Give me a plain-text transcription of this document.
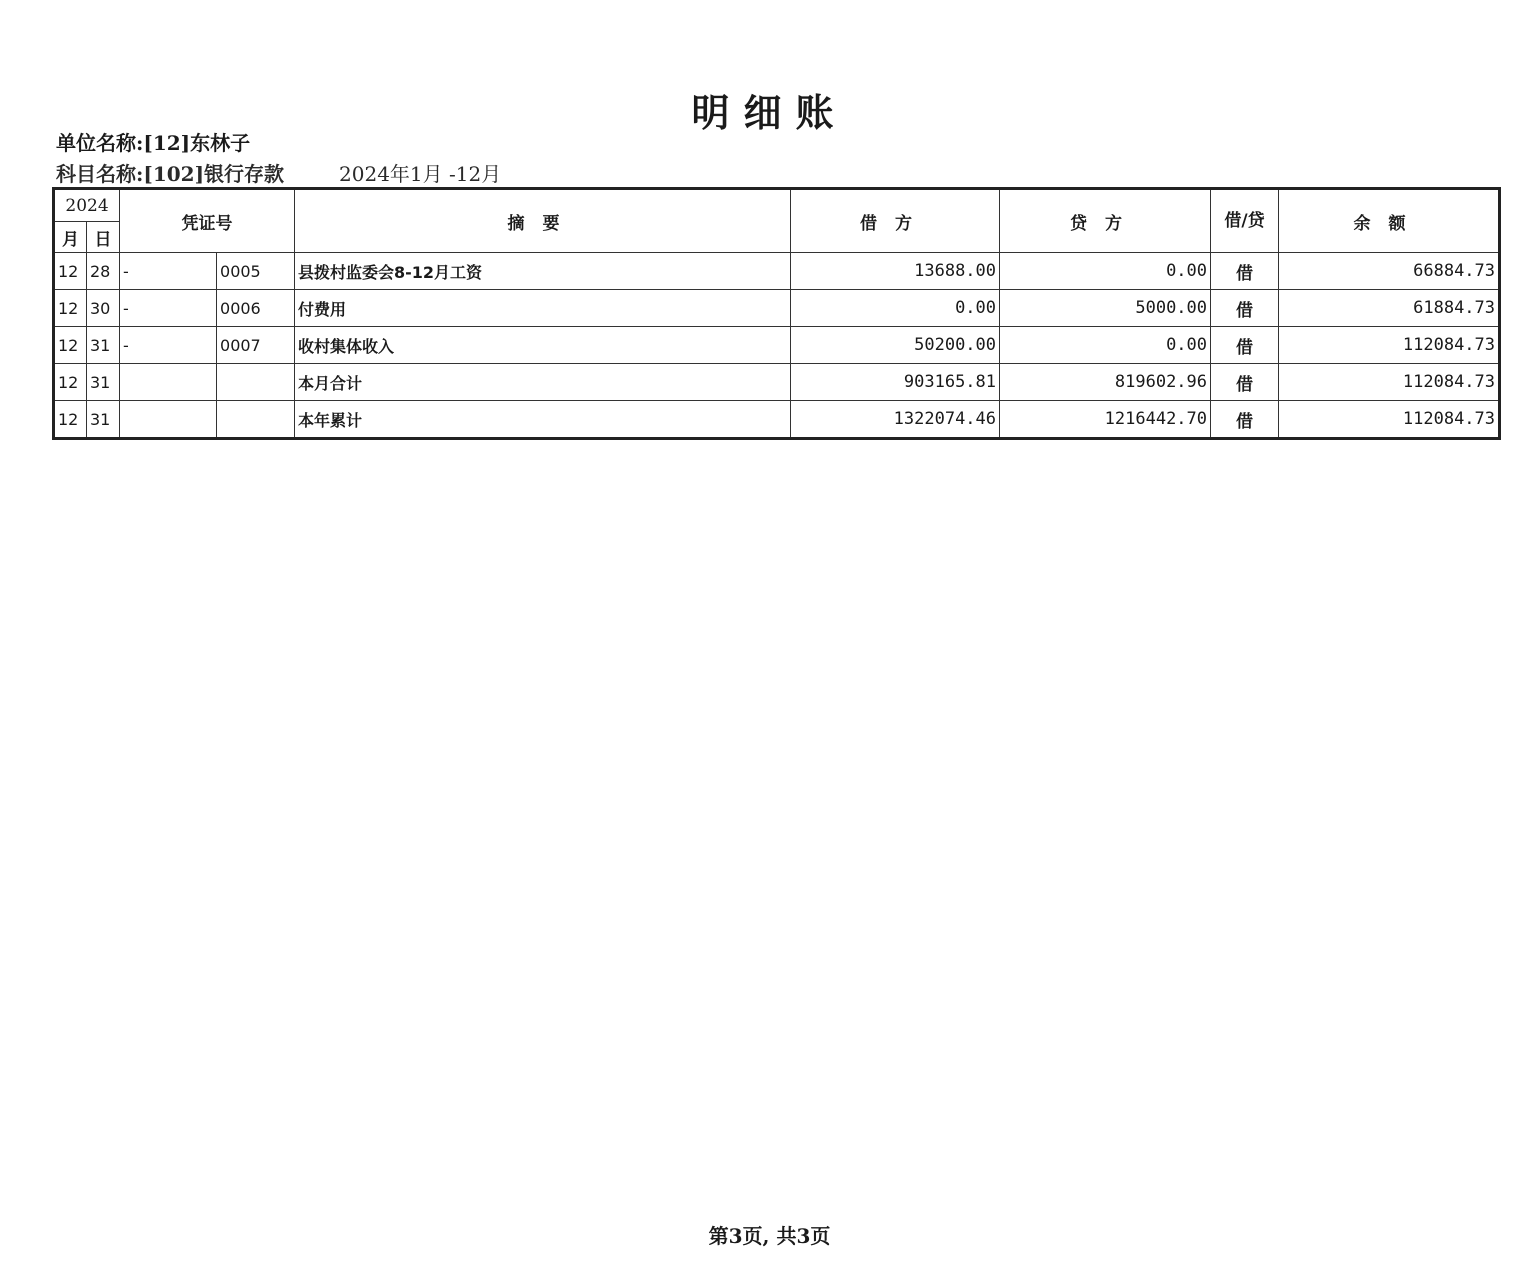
明细账
单位名称:[12]东林子
科目名称:[102]银行存款	2024年1月 -12月
2024		凭证号		摘要	借方	贷方	借/贷	余额
月	日							
12	28	-	0005	县拨村监委会8-12月工资	13688.00	0.00	借	66884.73
12	30	-	0006	付费用	0.00	5000.00	借	61884.73
12	31	-	0007	收村集体收入	50200.00	0.00	借	112084.73
12	31			本月合计	903165.81	819602.96	借	112084.73
12	31			本年累计	1322074.46	1216442.70	借	112084.73
第3页, 共3页
